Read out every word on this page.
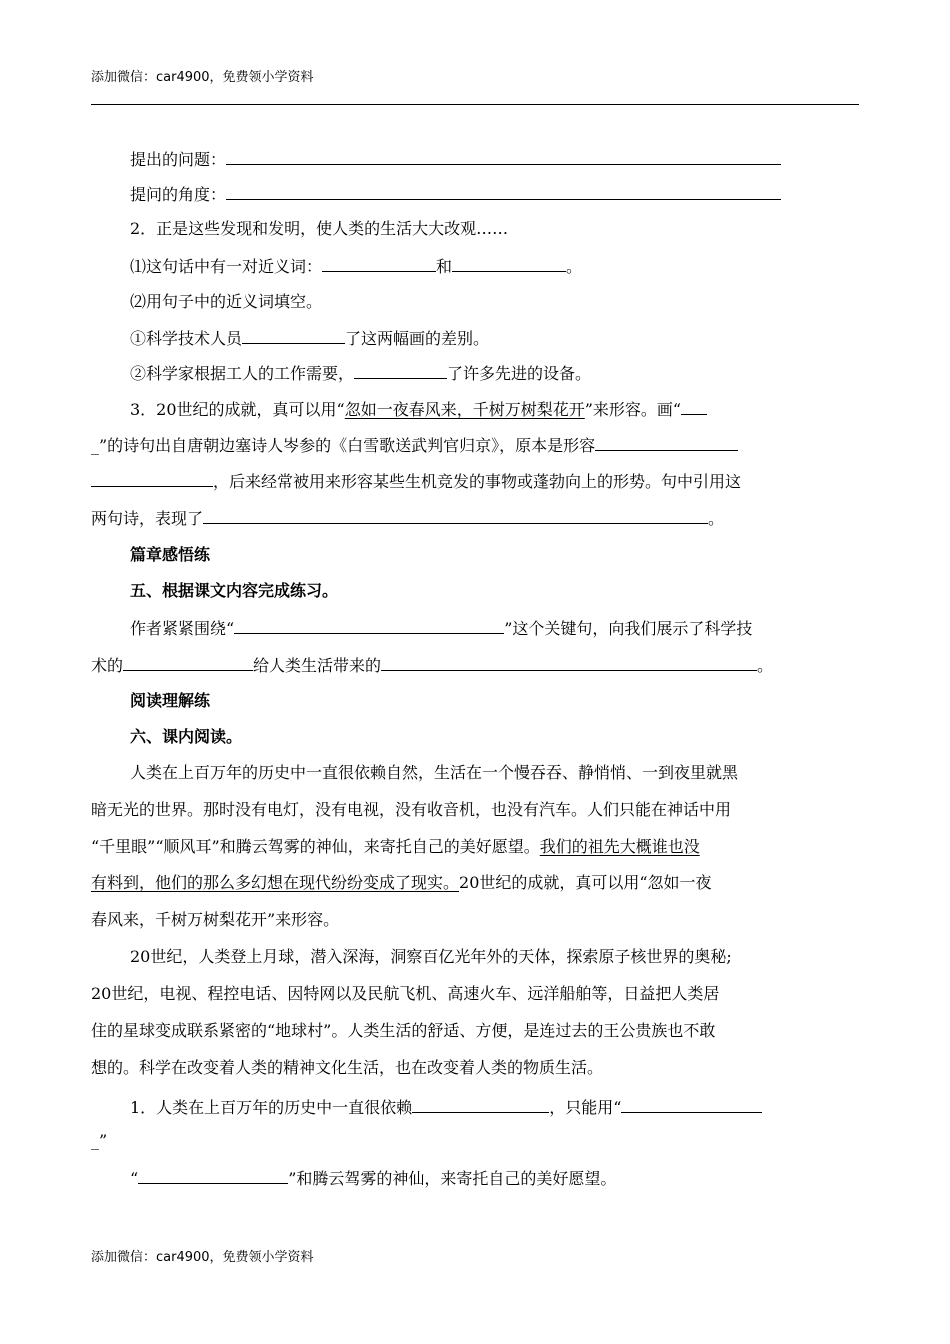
添加微信：car4900，免费领小学资料
提出的问题：
提问的角度：
2．正是这些发现和发明，使人类的生活大大改观……
⑴这句话中有一对近义词：	和	。
⑵用句子中的近义词填空。
①科学技术人员	了这两幅画的差别。
②科学家根据工人的工作需要，	了许多先进的设备。
3．20世纪的成就，真可以用“忽如一夜春风来，千树万树梨花开”来形容。画“
_”的诗句出自唐朝边塞诗人岑参的《白雪歌送武判官归京》，原本是形容
，后来经常被用来形容某些生机竞发的事物或蓬勃向上的形势。句中引用这
两句诗，表现了	。
篇章感悟练
五、根据课文内容完成练习。
作者紧紧围绕“	”这个关键句，向我们展示了科学技
术的	给人类生活带来的	。
阅读理解练
六、课内阅读。
人类在上百万年的历史中一直很依赖自然，生活在一个慢吞吞、静悄悄、一到夜里就黑
暗无光的世界。那时没有电灯，没有电视，没有收音机，也没有汽车。人们只能在神话中用
“千里眼”“顺风耳”和腾云驾雾的神仙，来寄托自己的美好愿望。我们的祖先大概谁也没
有料到，他们的那么多幻想在现代纷纷变成了现实。20世纪的成就，真可以用“忽如一夜
春风来，千树万树梨花开”来形容。
20世纪，人类登上月球，潜入深海，洞察百亿光年外的天体，探索原子核世界的奥秘;
20世纪，电视、程控电话、因特网以及民航飞机、高速火车、远洋船舶等，日益把人类居
住的星球变成联系紧密的“地球村”。人类生活的舒适、方便，是连过去的王公贵族也不敢
想的。科学在改变着人类的精神文化生活，也在改变着人类的物质生活。
1．人类在上百万年的历史中一直很依赖	，只能用“
_”
“	”和腾云驾雾的神仙，来寄托自己的美好愿望。
添加微信：car4900，免费领小学资料
